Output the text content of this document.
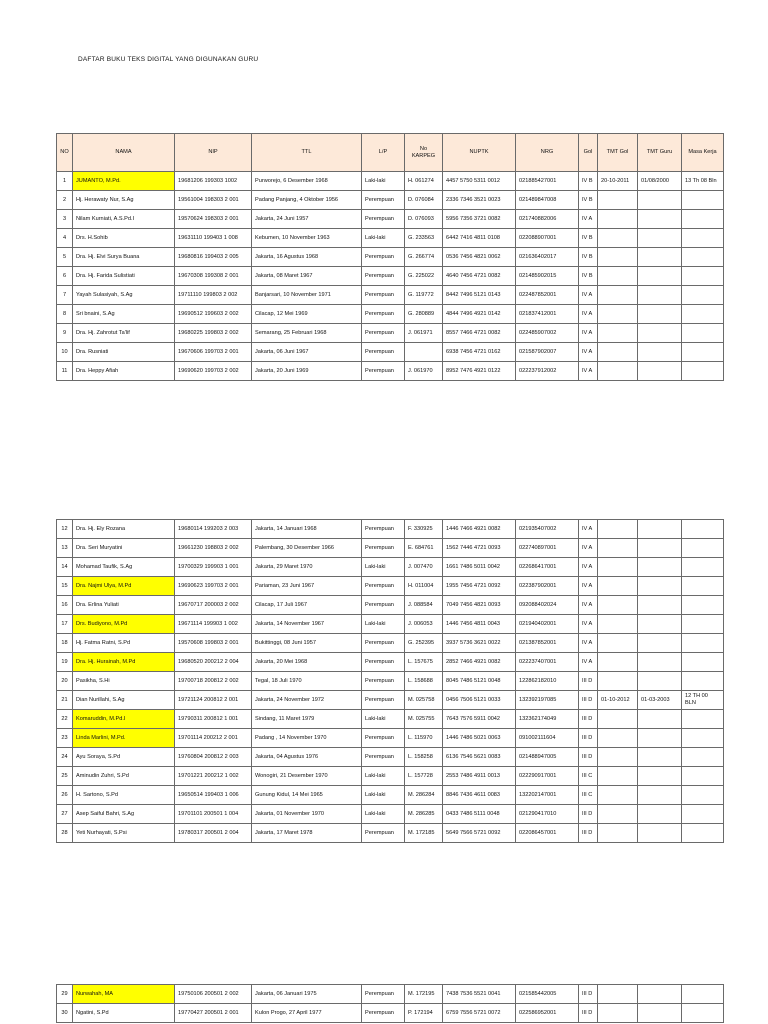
DAFTAR BUKU TEKS DIGITAL YANG DIGUNAKAN GURU
NO	NAMA	NIP	TTL	L/P	No KARPEG	NUPTK	NRG	Gol	TMT Gol	TMT Guru	Masa Kerja
1	JUMANTO, M.Pd.	19681206 199303 1002	Purworejo, 6 Desember 1968	Laki-laki	H. 061274	4457 5750 5311 0012	021885427001	IV B	20-10-2011	01/08/2000	13 Th 08 Bln
2	Hj. Herawaty Nur, S.Ag	19561004 198303 2 001	Padang Panjang, 4 Oktober 1956	Perempuan	D. 076084	2336 7346 3521 0023	021489847008	IV B			
3	Nilam Kurniati, A.S.Pd.I	19570624 198303 2 001	Jakarta, 24 Juni 1957	Perempuan	D. 076093	5956 7356 3721 0082	021740882006	IV A			
4	Drs. H.Sohib	19631110 199403 1 008	Kebumen, 10 November 1963	Laki-laki	G. 233563	6442 7416 4811 0108	022088907001	IV B			
5	Dra. Hj. Elvi Surya Buana	19680816 199403 2 005	Jakarta, 16 Agustus 1968	Perempuan	G. 266774	0536 7456 4821 0062	021636402017	IV B			
6	Dra. Hj. Farida Sulistiati	19670308 199308 2 001	Jakarta, 08 Maret 1967	Perempuan	G. 225022	4640 7456 4721 0082	021485902015	IV B			
7	Yayah Sulasiyah, S.Ag	19711110 199803 2 002	Banjarsari, 10 November 1971	Perempuan	G. 119772	8442 7496 5121 0143	022487852001	IV A			
8	Sri bnaini, S.Ag	19690512 199603 2 002	Cilacap, 12 Mei 1969	Perempuan	G. 280889	4844 7496 4921 0142	021837412001	IV A			
9	Dra. Hj. Zahrotut Ta'lif	19680225 199803 2 002	Semarang, 25 Februari 1968	Perempuan	J. 061971	8557 7466 4721 0082	022485907002	IV A			
10	Dra. Rusniati	19670606 199703 2 001	Jakarta, 06 Juni 1967	Perempuan		6938 7456 4721 0162	021587902007	IV A			
11	Dra. Heppy Afiah	19690620 199703 2 002	Jakarta, 20 Juni 1969	Perempuan	J. 061970	8952 7476 4921 0122	022237912002	IV A			
12	Dra. Hj. Ely Rozana	19680114 199203 2 003	Jakarta, 14 Januari 1968	Perempuan	F. 330925	1446 7466 4921 0082	021935407002	IV A			
13	Dra. Seri Muryatini	19661230 198803 2 002	Palembang, 30 Desember 1966	Perempuan	E. 684761	1562 7446 4721 0093	022740897001	IV A			
14	Mohamad Taufik, S.Ag	19700329 199903 1 001	Jakarta, 29 Maret 1970	Laki-laki	J. 007470	1661 7486 5011 0042	022686417001	IV A			
15	Dra. Najmi Ulya, M.Pd	19690623 199703 2 001	Pariaman, 23 Juni 1967	Perempuan	H. 011004	1955 7456 4721 0092	022387902001	IV A			
16	Dra. Erlina Yuliati	19670717 200003 2 002	Cilacap, 17 Juli 1967	Perempuan	J. 088584	7049 7456 4821 0093	092088402024	IV A			
17	Drs. Budiyono, M.Pd	19671114 199903 1 002	Jakarta, 14 November 1967	Laki-laki	J. 006053	1446 7456 4811 0043	021940402001	IV A			
18	Hj. Fatma Ratni, S.Pd	19570608 199803 2 001	Bukittinggi, 08 Juni 1957	Perempuan	G. 252395	3937 5736 3621 0022	021387852001	IV A			
19	Dra. Hj. Hurainah, M.Pd	19680520 200212 2 004	Jakarta, 20 Mei 1968	Perempuan	L. 157675	2852 7466 4921 0082	022237407001	IV A			
20	Pasikha, S.Hi	19700718 200812 2 002	Tegal, 18 Juli 1970	Perempuan	L. 158688	8045 7486 5121 0048	122862182010	III D			
21	Dian Nurillahi, S.Ag	19721124 200812 2 001	Jakarta, 24 November 1972	Perempuan	M. 025758	0456 7506 5121 0033	132392197085	III D	01-10-2012	01-03-2003	12 TH 00 BLN
22	Komaruddin, M.Pd.I	19790311 200812 1 001	Sindang, 11 Maret 1979	Laki-laki	M. 025755	7643 7576 5911 0042	132362174049	III D			
23	Linda Marlini, M.Pd.	19701114 200212 2 001	Padang , 14 November 1970	Perempuan	L. 115970	1446 7486 5021 0063	091002111604	III D			
24	Ayu Soraya, S.Pd	19760804 200812 2 003	Jakarta, 04 Agustus 1976	Perempuan	L. 158258	6136 7546 5621 0083	021488947005	III D			
25	Aminudin Zuhri, S.Pd	19701221 200212 1 002	Wonogiri, 21 Desember 1970	Laki-laki	L. 157728	2553 7486 4911 0013	022290917001	III C			
26	H. Sartono, S.Pd	19650514 199403 1 006	Gunung Kidul, 14 Mei 1965	Laki-laki	M. 286284	8846 7436 4611 0083	132202147001	III C			
27	Asep Saiful Bahri, S.Ag	19701101 200501 1 004	Jakarta, 01 November 1970	Laki-laki	M. 286285	0433 7486 5111 0048	021290417010	III D			
28	Yeti Nurhayati, S.Psi	19780317 200501 2 004	Jakarta, 17 Maret 1978	Perempuan	M. 172185	5649 7566 5721 0092	022086457001	III D			
29	Nurwahah, MA	19750106 200501 2 002	Jakarta, 06 Januari 1975	Perempuan	M. 172195	7438 7536 5521 0041	021585442005	III D			
30	Ngatini, S.Pd	19770427 200501 2 001	Kulon Progo, 27 April 1977	Perempuan	P. 172194	6759 7556 5721 0072	022586952001	III D			
